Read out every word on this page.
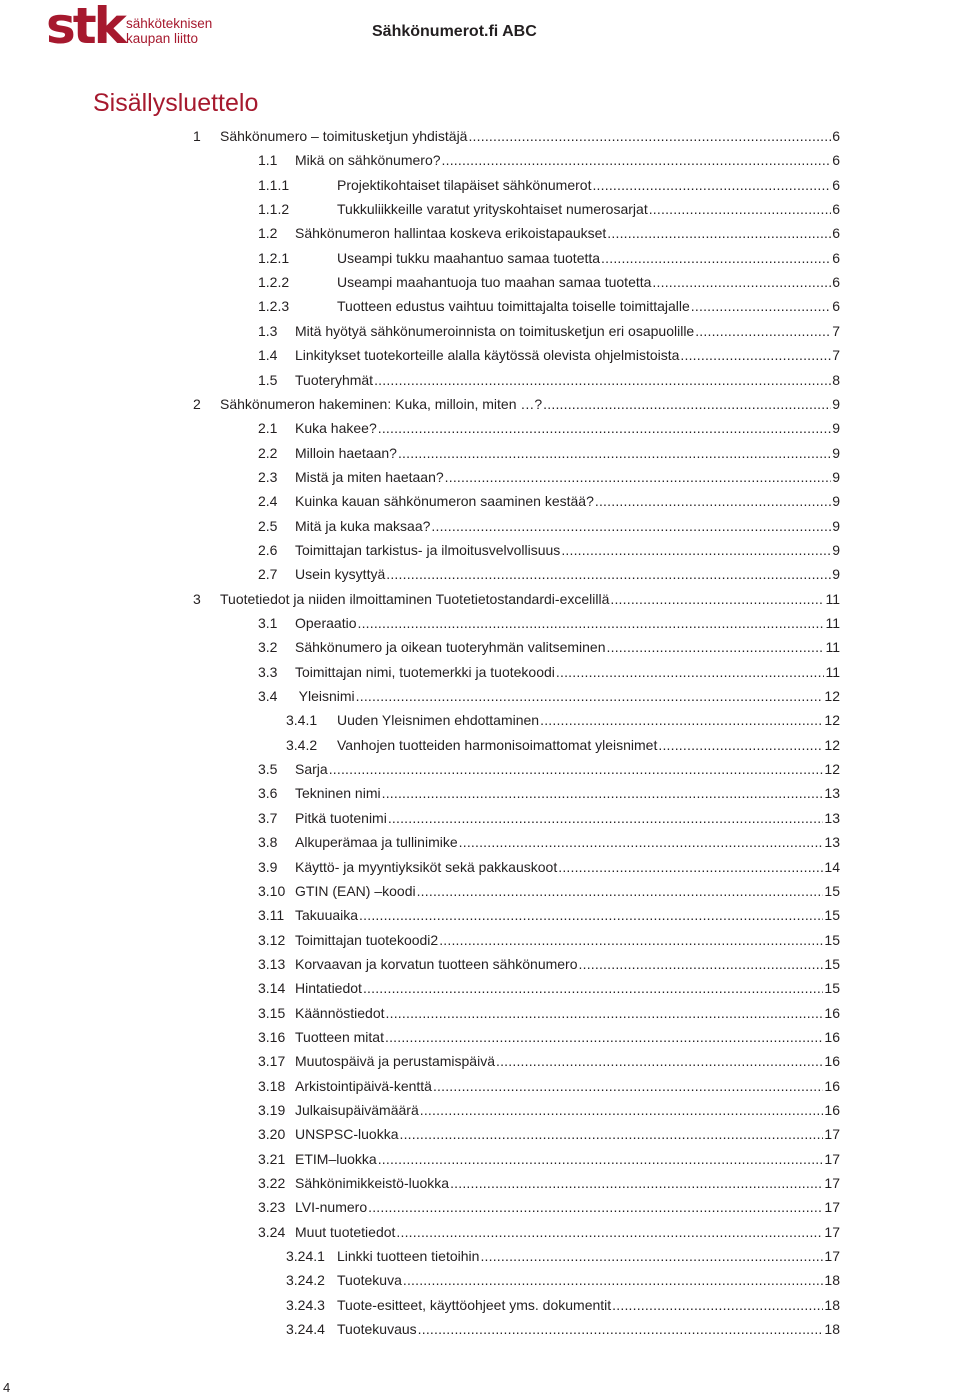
stk sähköteknisen
kaupan liitto	Sähkönumerot.fi ABC
Sisällysluettelo
1	Sähkönumero – toimitusketjun yhdistäjä .....	6
1.1	Mikä on sähkönumero? .....	6
1.1.1	Projektikohtaiset tilapäiset sähkönumerot .....	6
1.1.2	Tukkuliikkeille varatut yrityskohtaiset numerosarjat .....	6
1.2	Sähkönumeron hallintaa koskeva erikoistapaukset .....	6
1.2.1	Useampi tukku maahantuo samaa tuotetta .....	6
1.2.2	Useampi maahantuoja tuo maahan samaa tuotetta .....	6
1.2.3	Tuotteen edustus vaihtuu toimittajalta toiselle toimittajalle .....	6
1.3	Mitä hyötyä sähkönumeroinnista on toimitusketjun eri osapuolille .....	7
1.4	Linkitykset tuotekorteille alalla käytössä olevista ohjelmistoista .....	7
1.5	Tuoteryhmät .....	8
2	Sähkönumeron hakeminen: Kuka, milloin, miten …? .....	9
2.1	Kuka hakee? .....	9
2.2	Milloin haetaan? .....	9
2.3	Mistä ja miten haetaan? .....	9
2.4	Kuinka kauan sähkönumeron saaminen kestää? .....	9
2.5	Mitä ja kuka maksaa? .....	9
2.6	Toimittajan tarkistus- ja ilmoitusvelvollisuus .....	9
2.7	Usein kysyttyä .....	9
3	Tuotetiedot ja niiden ilmoittaminen Tuotetietostandardi-excelillä .....	11
3.1	Operaatio .....	11
3.2	Sähkönumero ja oikean tuoteryhmän valitseminen .....	11
3.3	Toimittajan nimi, tuotemerkki ja tuotekoodi .....	11
3.4	Yleisnimi .....	12
3.4.1	Uuden Yleisnimen ehdottaminen .....	12
3.4.2	Vanhojen tuotteiden harmonisoimattomat yleisnimet .....	12
3.5	Sarja .....	12
3.6	Tekninen nimi .....	13
3.7	Pitkä tuotenimi .....	13
3.8	Alkuperämaa ja tullinimike .....	13
3.9	Käyttö- ja myyntiyksiköt sekä pakkauskoot .....	14
3.10 GTIN (EAN) –koodi .....	15
3.11 Takuuaika .....	15
3.12 Toimittajan tuotekoodi2 .....	15
3.13 Korvaavan ja korvatun tuotteen sähkönumero .....	15
3.14 Hintatiedot .....	15
3.15 Käännöstiedot .....	16
3.16 Tuotteen mitat .....	16
3.17 Muutospäivä ja perustamispäivä .....	16
3.18 Arkistointipäivä-kenttä .....	16
3.19 Julkaisupäivämäärä .....	16
3.20 UNSPSC-luokka .....	17
3.21 ETIM–luokka .....	17
3.22 Sähkönimikkeistö-luokka .....	17
3.23 LVI-numero .....	17
3.24 Muut tuotetiedot .....	17
3.24.1 Linkki tuotteen tietoihin .....	17
3.24.2 Tuotekuva .....	18
3.24.3 Tuote-esitteet, käyttöohjeet yms. dokumentit .....	18
3.24.4 Tuotekuvaus .....	18
4
